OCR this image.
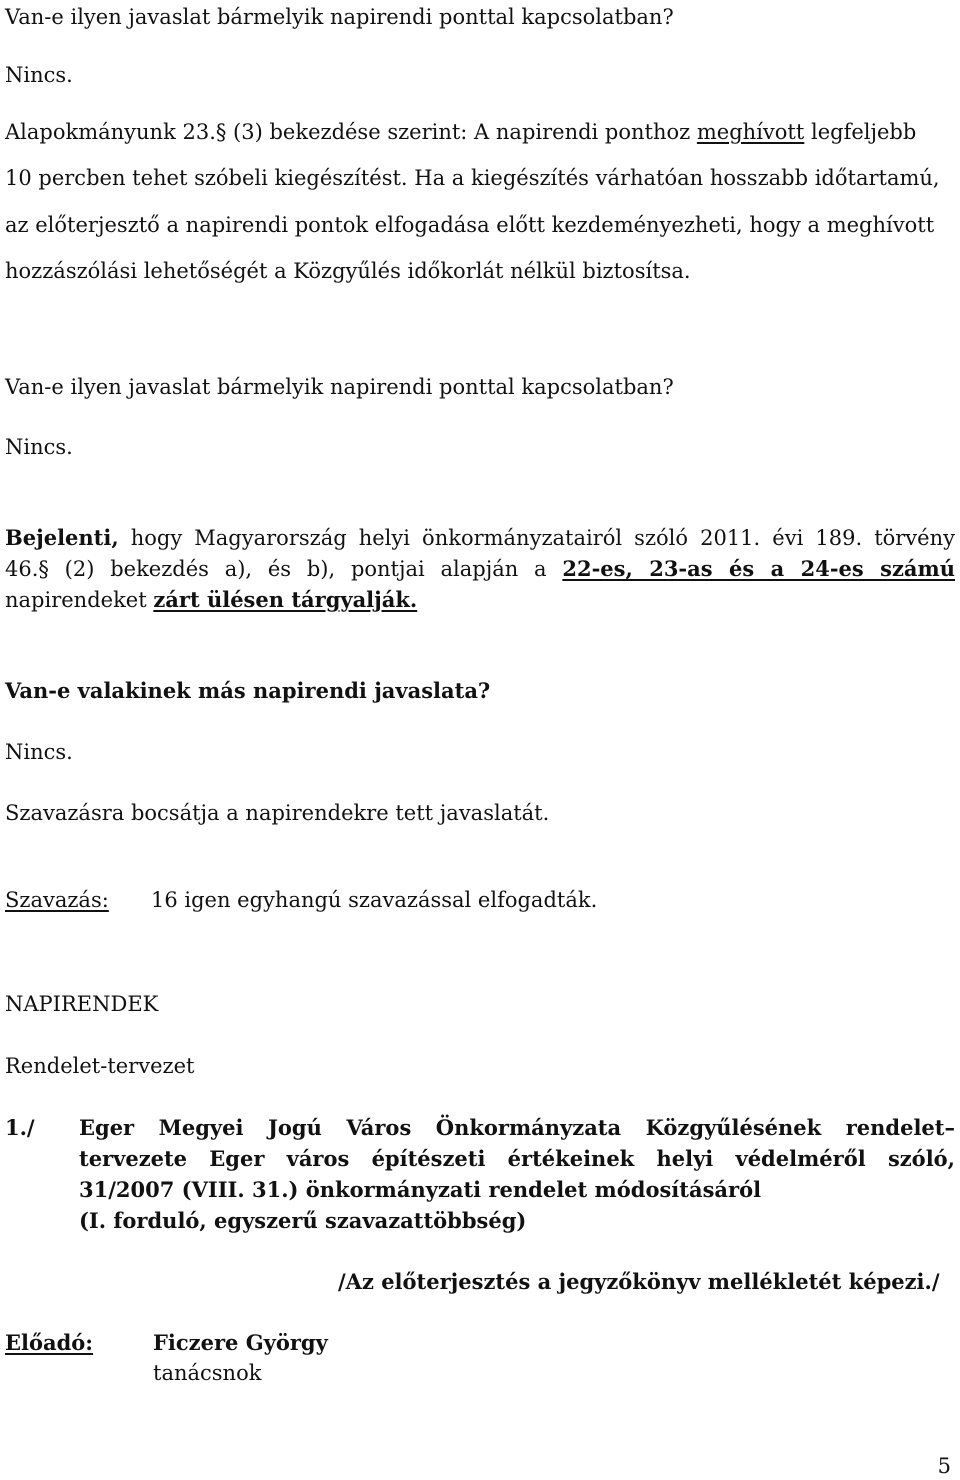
Van-e ilyen javaslat bármelyik napirendi ponttal kapcsolatban?
Nincs.
Alapokmányunk 23.§ (3) bekezdése szerint: A napirendi ponthoz meghívott legfeljebb
10 percben tehet szóbeli kiegészítést. Ha a kiegészítés várhatóan hosszabb időtartamú,
az előterjesztő a napirendi pontok elfogadása előtt kezdeményezheti, hogy a meghívott
hozzászólási lehetőségét a Közgyűlés időkorlát nélkül biztosítsa.
Van-e ilyen javaslat bármelyik napirendi ponttal kapcsolatban?
Nincs.
Bejelenti, hogy Magyarország helyi önkormányzatairól szóló 2011. évi 189. törvény
46.§ (2) bekezdés a), és b), pontjai alapján a 22-es, 23-as és a 24-es számú
napirendeket zárt ülésen tárgyalják.
Van-e valakinek más napirendi javaslata?
Nincs.
Szavazásra bocsátja a napirendekre tett javaslatát.
Szavazás: 16 igen egyhangú szavazással elfogadták.
NAPIRENDEK
Rendelet-tervezet
1./ Eger Megyei Jogú Város Önkormányzata Közgyűlésének rendelet–
tervezete Eger város építészeti értékeinek helyi védelméről szóló,
31/2007 (VIII. 31.) önkormányzati rendelet módosításáról
(I. forduló, egyszerű szavazattöbbség)
/Az előterjesztés a jegyzőkönyv mellékletét képezi./
Előadó:	Ficzere György
tanácsnok
5
